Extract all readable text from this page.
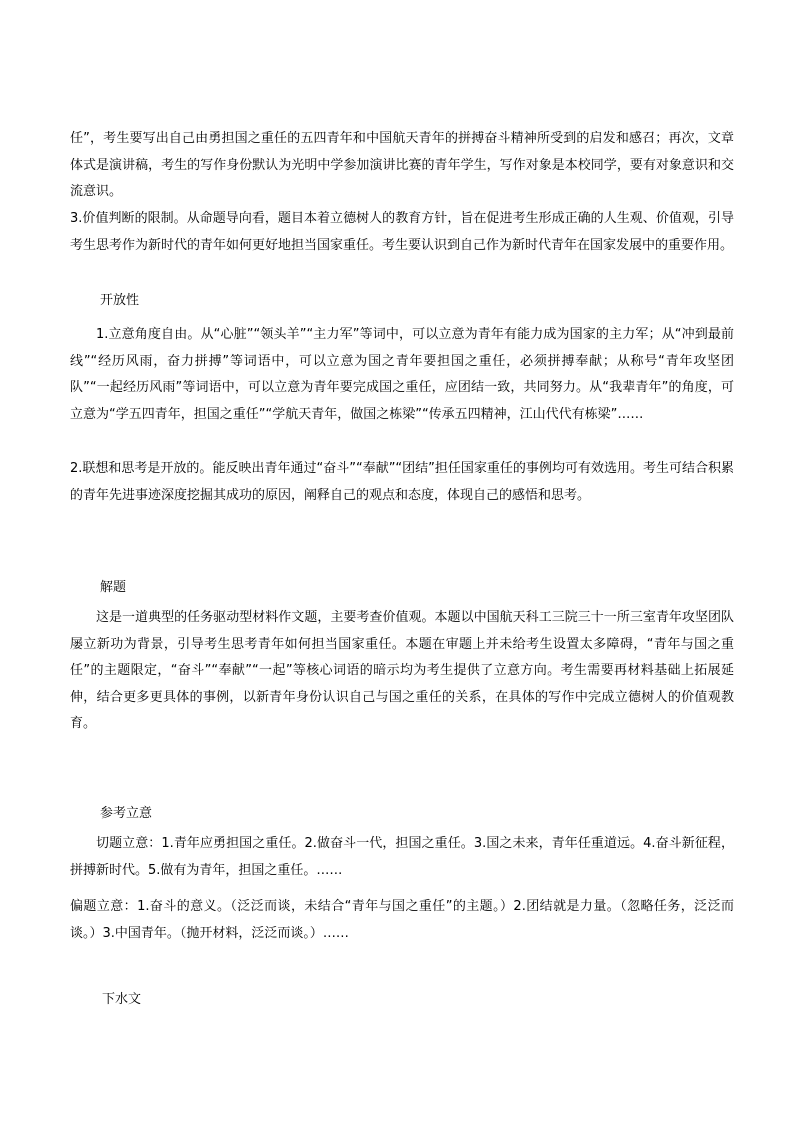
任”，考生要写出自己由勇担国之重任的五四青年和中国航天青年的拼搏奋斗精神所受到的启发和感召；再次，文章体式是演讲稿，考生的写作身份默认为光明中学参加演讲比赛的青年学生，写作对象是本校同学，要有对象意识和交流意识。

3.价值判断的限制。从命题导向看，题目本着立德树人的教育方针，旨在促进考生形成正确的人生观、价值观，引导考生思考作为新时代的青年如何更好地担当国家重任。考生要认识到自己作为新时代青年在国家发展中的重要作用。

开放性

1.立意角度自由。从“心脏”“领头羊”“主力军”等词中，可以立意为青年有能力成为国家的主力军；从“冲到最前线”“经历风雨，奋力拼搏”等词语中，可以立意为国之青年要担国之重任，必须拼搏奉献；从称号“青年攻坚团队”“一起经历风雨”等词语中，可以立意为青年要完成国之重任，应团结一致，共同努力。从“我辈青年”的角度，可立意为“学五四青年，担国之重任”“学航天青年，做国之栋梁”“传承五四精神，江山代代有栋梁”……

2.联想和思考是开放的。能反映出青年通过“奋斗”“奉献”“团结”担任国家重任的事例均可有效选用。考生可结合积累的青年先进事迹深度挖掘其成功的原因，阐释自己的观点和态度，体现自己的感悟和思考。

解题

这是一道典型的任务驱动型材料作文题，主要考查价值观。本题以中国航天科工三院三十一所三室青年攻坚团队屡立新功为背景，引导考生思考青年如何担当国家重任。本题在审题上并未给考生设置太多障碍，“青年与国之重任”的主题限定，“奋斗”“奉献”“一起”等核心词语的暗示均为考生提供了立意方向。考生需要再材料基础上拓展延伸，结合更多更具体的事例，以新青年身份认识自己与国之重任的关系，在具体的写作中完成立德树人的价值观教育。

参考立意

切题立意：1.青年应勇担国之重任。2.做奋斗一代，担国之重任。3.国之未来，青年任重道远。4.奋斗新征程，拼搏新时代。5.做有为青年，担国之重任。……

偏题立意：1.奋斗的意义。（泛泛而谈，未结合“青年与国之重任”的主题。）2.团结就是力量。（忽略任务，泛泛而谈。）3.中国青年。（抛开材料，泛泛而谈。）……

下水文
